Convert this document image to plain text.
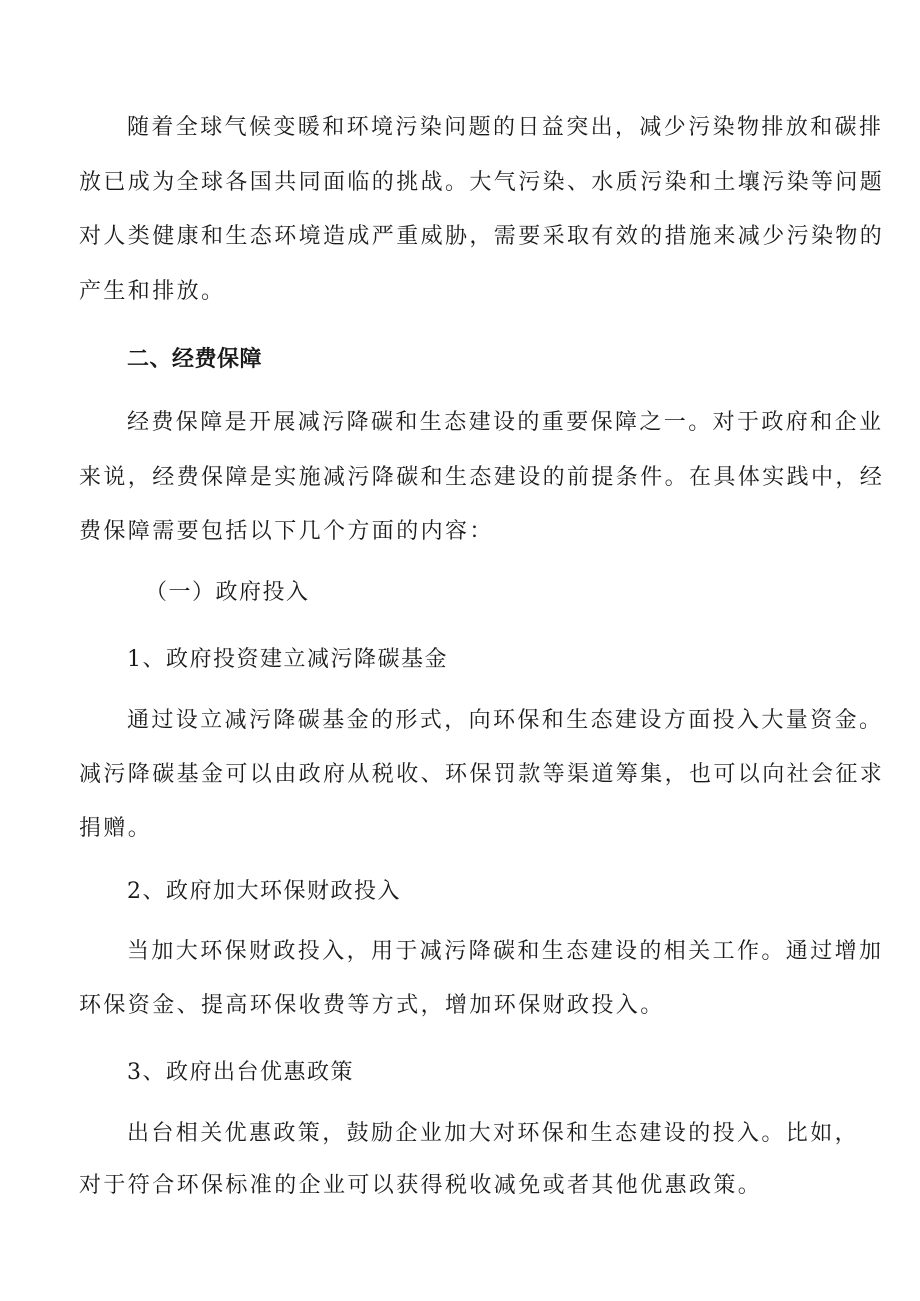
随着全球气候变暖和环境污染问题的日益突出，减少污染物排放和碳排
放已成为全球各国共同面临的挑战。大气污染、水质污染和土壤污染等问题
对人类健康和生态环境造成严重威胁，需要采取有效的措施来减少污染物的
产生和排放。
二、经费保障
经费保障是开展减污降碳和生态建设的重要保障之一。对于政府和企业
来说，经费保障是实施减污降碳和生态建设的前提条件。在具体实践中，经
费保障需要包括以下几个方面的内容：
（一）政府投入
1、政府投资建立减污降碳基金
通过设立减污降碳基金的形式，向环保和生态建设方面投入大量资金。
减污降碳基金可以由政府从税收、环保罚款等渠道筹集，也可以向社会征求
捐赠。
2、政府加大环保财政投入
当加大环保财政投入，用于减污降碳和生态建设的相关工作。通过增加
环保资金、提高环保收费等方式，增加环保财政投入。
3、政府出台优惠政策
出台相关优惠政策，鼓励企业加大对环保和生态建设的投入。比如，
对于符合环保标准的企业可以获得税收减免或者其他优惠政策。
